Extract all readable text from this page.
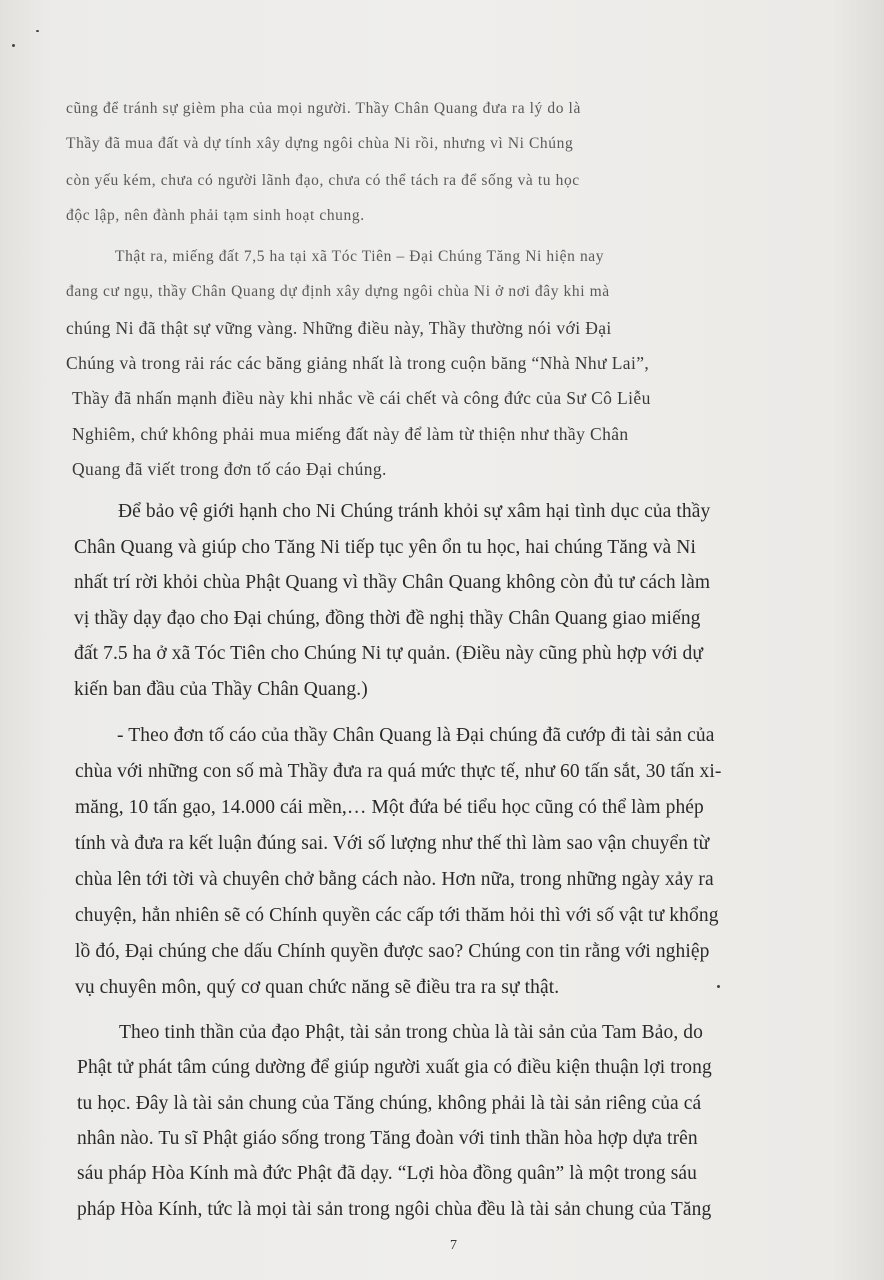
cũng để tránh sự gièm pha của mọi người. Thầy Chân Quang đưa ra lý do là
Thầy đã mua đất và dự tính xây dựng ngôi chùa Ni rồi, nhưng vì Ni Chúng
còn yếu kém, chưa có người lãnh đạo, chưa có thể tách ra để sống và tu học
độc lập, nên đành phải tạm sinh hoạt chung.
Thật ra, miếng đất 7,5 ha tại xã Tóc Tiên – Đại Chúng Tăng Ni hiện nay
đang cư ngụ, thầy Chân Quang dự định xây dựng ngôi chùa Ni ở nơi đây khi mà
chúng Ni đã thật sự vững vàng. Những điều này, Thầy thường nói với Đại
Chúng và trong rải rác các băng giảng nhất là trong cuộn băng “Nhà Như Lai”,
Thầy đã nhấn mạnh điều này khi nhắc về cái chết và công đức của Sư Cô Liễu
Nghiêm, chứ không phải mua miếng đất này để làm từ thiện như thầy Chân
Quang đã viết trong đơn tố cáo Đại chúng.
Để bảo vệ giới hạnh cho Ni Chúng tránh khỏi sự xâm hại tình dục của thầy
Chân Quang và giúp cho Tăng Ni tiếp tục yên ổn tu học, hai chúng Tăng và Ni
nhất trí rời khỏi chùa Phật Quang vì thầy Chân Quang không còn đủ tư cách làm
vị thầy dạy đạo cho Đại chúng, đồng thời đề nghị thầy Chân Quang giao miếng
đất 7.5 ha ở xã Tóc Tiên cho Chúng Ni tự quản. (Điều này cũng phù hợp với dự
kiến ban đầu của Thầy Chân Quang.)
- Theo đơn tố cáo của thầy Chân Quang là Đại chúng đã cướp đi tài sản của
chùa với những con số mà Thầy đưa ra quá mức thực tế, như 60 tấn sắt, 30 tấn xi-
măng, 10 tấn gạo, 14.000 cái mền,… Một đứa bé tiểu học cũng có thể làm phép
tính và đưa ra kết luận đúng sai. Với số lượng như thế thì làm sao vận chuyển từ
chùa lên tới tời và chuyên chở bằng cách nào. Hơn nữa, trong những ngày xảy ra
chuyện, hẳn nhiên sẽ có Chính quyền các cấp tới thăm hỏi thì với số vật tư khổng
lồ đó, Đại chúng che dấu Chính quyền được sao? Chúng con tin rằng với nghiệp
vụ chuyên môn, quý cơ quan chức năng sẽ điều tra ra sự thật.
Theo tinh thần của đạo Phật, tài sản trong chùa là tài sản của Tam Bảo, do
Phật tử phát tâm cúng dường để giúp người xuất gia có điều kiện thuận lợi trong
tu học. Đây là tài sản chung của Tăng chúng, không phải là tài sản riêng của cá
nhân nào. Tu sĩ Phật giáo sống trong Tăng đoàn với tinh thần hòa hợp dựa trên
sáu pháp Hòa Kính mà đức Phật đã dạy. “Lợi hòa đồng quân” là một trong sáu
pháp Hòa Kính, tức là mọi tài sản trong ngôi chùa đều là tài sản chung của Tăng
7
